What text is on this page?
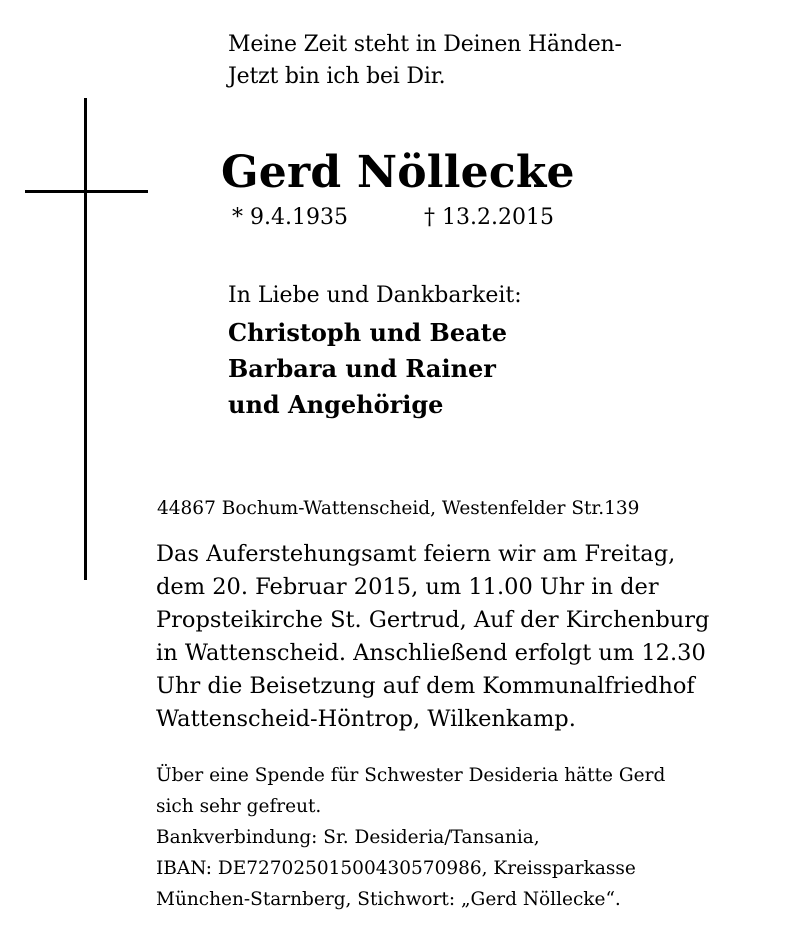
Meine Zeit steht in Deinen Händen-
Jetzt bin ich bei Dir.
Gerd Nöllecke
* 9.4.1935	† 13.2.2015
In Liebe und Dankbarkeit:
Christoph und Beate
Barbara und Rainer
und Angehörige
44867 Bochum-Wattenscheid, Westenfelder Str.139
Das Auferstehungsamt feiern wir am Freitag,
dem 20. Februar 2015, um 11.00 Uhr in der
Propsteikirche St. Gertrud, Auf der Kirchenburg
in Wattenscheid. Anschließend erfolgt um 12.30
Uhr die Beisetzung auf dem Kommunalfriedhof
Wattenscheid-Höntrop, Wilkenkamp.
Über eine Spende für Schwester Desideria hätte Gerd
sich sehr gefreut.
Bankverbindung: Sr. Desideria/Tansania,
IBAN: DE72702501500430570986, Kreissparkasse
München-Starnberg, Stichwort: „Gerd Nöllecke“.
